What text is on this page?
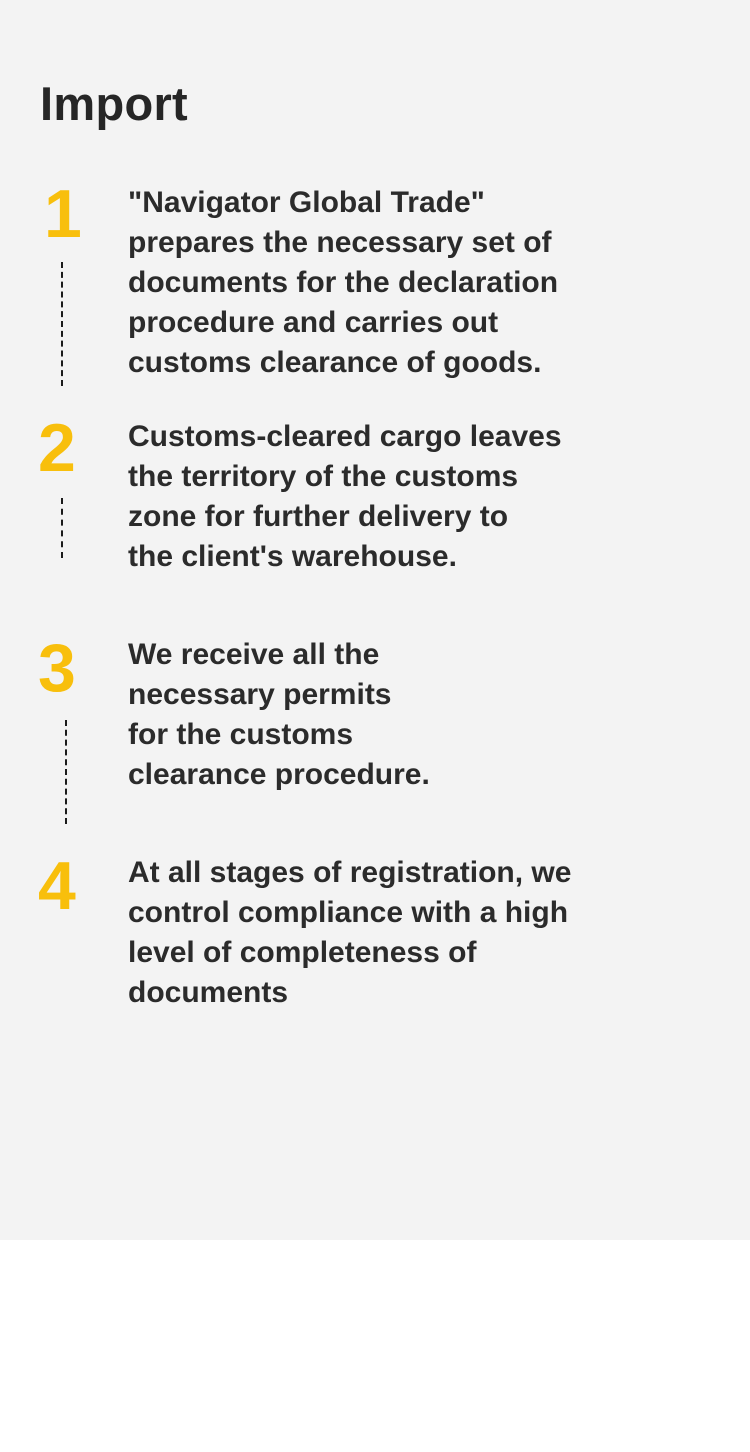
Import
1 "Navigator Global Trade"
prepares the necessary set of
documents for the declaration
procedure and carries out
customs clearance of goods.

2 Customs-cleared cargo leaves
the territory of the customs
zone for further delivery to
the client's warehouse.

3 We receive all the
necessary permits
for the customs
clearance procedure.

4 At all stages of registration, we
control compliance with a high
level of completeness of
documents
